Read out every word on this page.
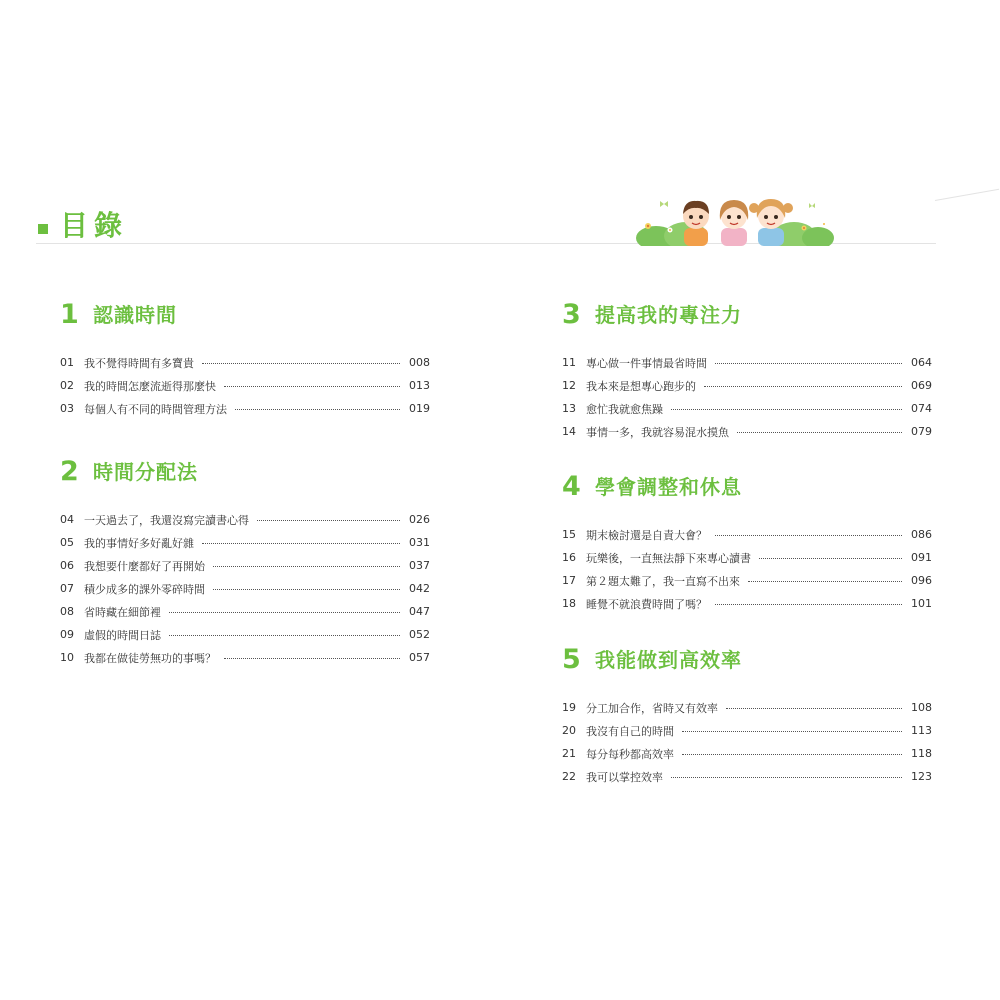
目錄
1 認識時間
01 我不覺得時間有多寶貴	008
02 我的時間怎麼流逝得那麼快	013
03 每個人有不同的時間管理方法	019
2 時間分配法
04 一天過去了，我還沒寫完讀書心得	026
05 我的事情好多好亂好雜	031
06 我想要什麼都好了再開始	037
07 積少成多的課外零碎時間	042
08 省時藏在細節裡	047
09 虛假的時間日誌	052
10 我都在做徒勞無功的事嗎？	057
3 提高我的專注力
11 專心做一件事情最省時間	064
12 我本來是想專心跑步的	069
13 愈忙我就愈焦躁	074
14 事情一多，我就容易混水摸魚	079
4 學會調整和休息
15 期末檢討還是自責大會？	086
16 玩樂後，一直無法靜下來專心讀書	091
17 第２題太難了，我一直寫不出來	096
18 睡覺不就浪費時間了嗎？	101
5 我能做到高效率
19 分工加合作，省時又有效率	108
20 我沒有自己的時間	113
21 每分每秒都高效率	118
22 我可以掌控效率	123
